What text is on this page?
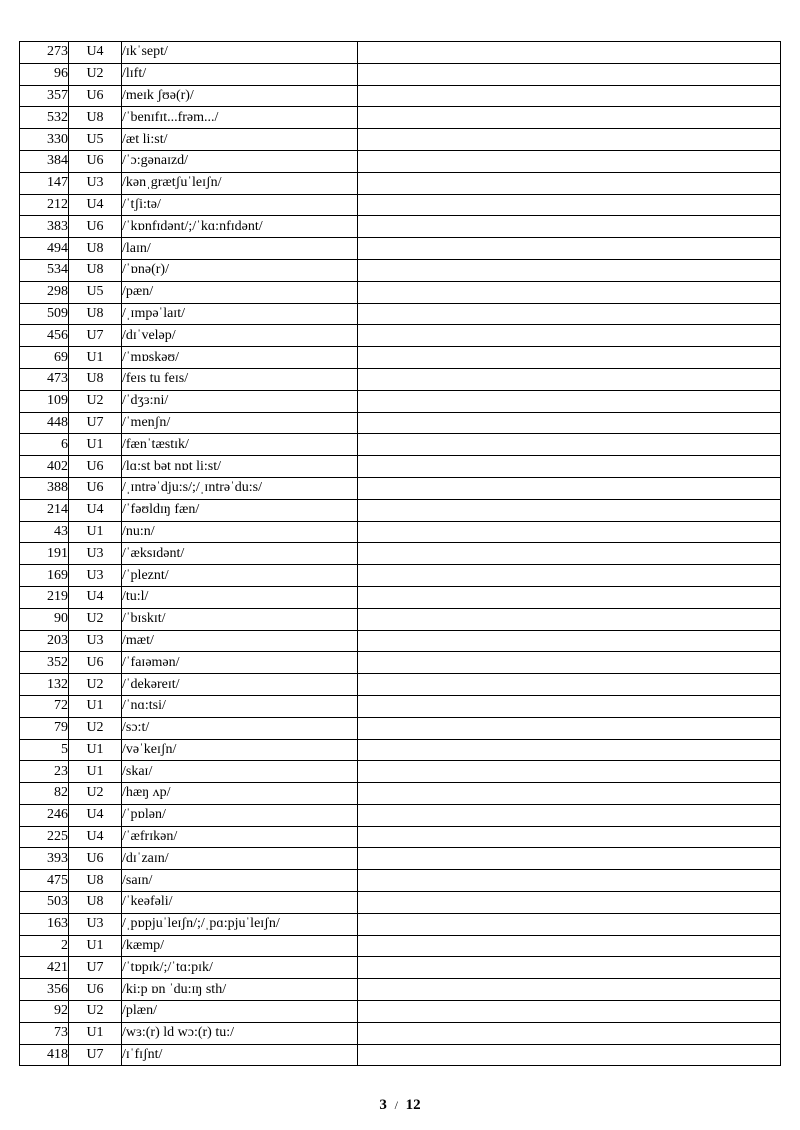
273	U4	/ɪkˈsept/	
96	U2	/lɪft/	
357	U6	/meɪk ʃʊə(r)/	
532	U8	/ˈbenɪfɪt...frəm.../	
330	U5	/æt li:st/	
384	U6	/ˈɔ:gənaɪzd/	
147	U3	/kənˌgrætʃuˈleɪʃn/	
212	U4	/ˈtʃi:tə/	
383	U6	/ˈkɒnfɪdənt/;/ˈkɑ:nfɪdənt/	
494	U8	/laɪn/	
534	U8	/ˈɒnə(r)/	
298	U5	/pæn/	
509	U8	/ˌɪmpəˈlaɪt/	
456	U7	/dɪˈveləp/	
69	U1	/ˈmɒskəʊ/	
473	U8	/feɪs tu feɪs/	
109	U2	/ˈdʒɜ:ni/	
448	U7	/ˈmenʃn/	
6	U1	/fænˈtæstɪk/	
402	U6	/lɑ:st bət nɒt li:st/	
388	U6	/ˌɪntrəˈdju:s/;/ˌɪntrəˈdu:s/	
214	U4	/ˈfəʊldɪŋ fæn/	
43	U1	/nu:n/	
191	U3	/ˈæksɪdənt/	
169	U3	/ˈpleznt/	
219	U4	/tu:l/	
90	U2	/ˈbɪskɪt/	
203	U3	/mæt/	
352	U6	/ˈfaɪəmən/	
132	U2	/ˈdekəreɪt/	
72	U1	/ˈnɑ:tsi/	
79	U2	/sɔ:t/	
5	U1	/vəˈkeɪʃn/	
23	U1	/skaɪ/	
82	U2	/hæŋ ʌp/	
246	U4	/ˈpɒlən/	
225	U4	/ˈæfrɪkən/	
393	U6	/dɪˈzaɪn/	
475	U8	/saɪn/	
503	U8	/ˈkeəfəli/	
163	U3	/ˌpɒpjuˈleɪʃn/;/ˌpɑ:pjuˈleɪʃn/	
2	U1	/kæmp/	
421	U7	/ˈtɒpɪk/;/ˈtɑ:pɪk/	
356	U6	/ki:p ɒn ˈdu:ɪŋ sth/	
92	U2	/plæn/	
73	U1	/wɜ:(r) ld wɔ:(r) tu:/	
418	U7	/ɪˈfɪʃnt/	
3 / 12
